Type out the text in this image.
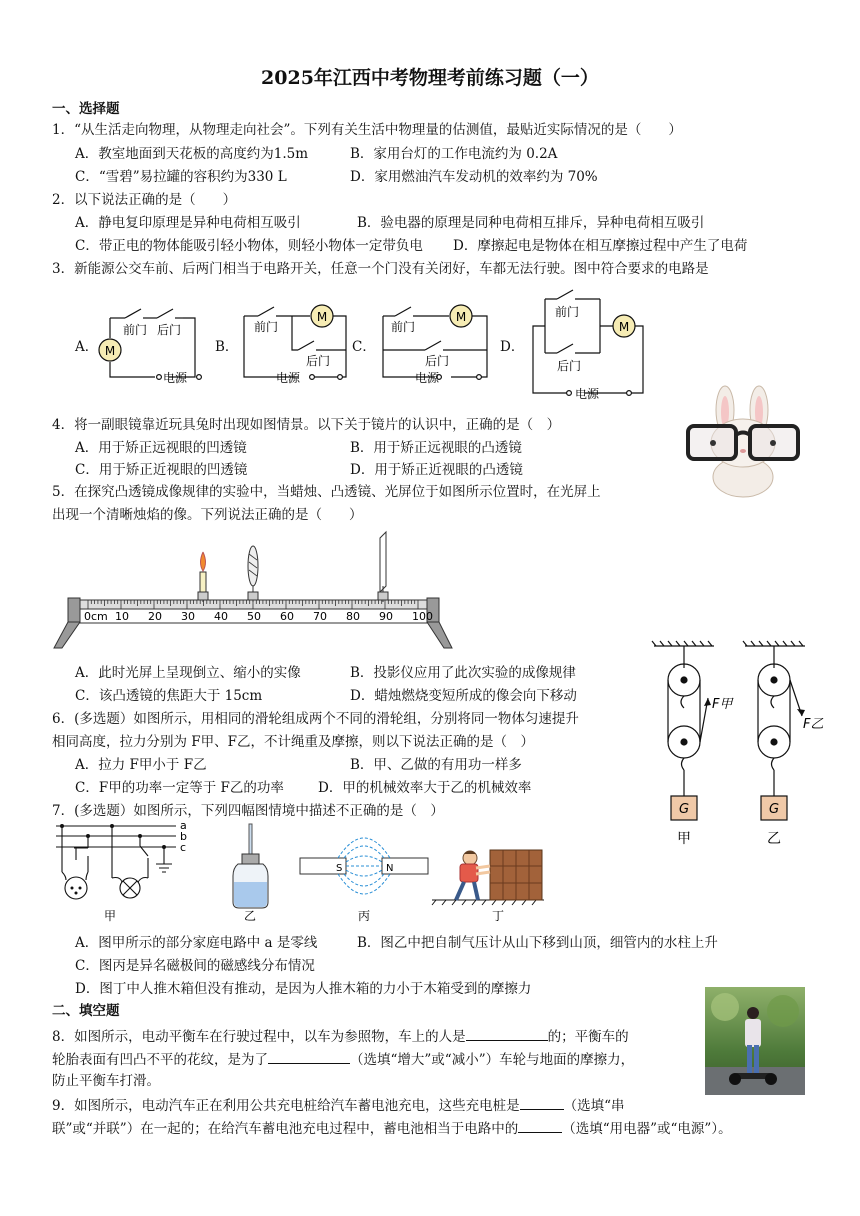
2025年江西中考物理考前练习题（一）
一、选择题
1．“从生活走向物理，从物理走向社会”。下列有关生活中物理量的估测值，最贴近实际情况的是（　　）
A．教室地面到天花板的高度约为1.5m	B．家用台灯的工作电流约为 0.2A
C．“雪碧”易拉罐的容积约为330 L	D．家用燃油汽车发动机的效率约为 70%
2．以下说法正确的是（　　）
A．静电复印原理是异种电荷相互吸引	B．验电器的原理是同种电荷相互排斥，异种电荷相互吸引
C．带正电的物体能吸引轻小物体，则轻小物体一定带负电 D．摩擦起电是物体在相互摩擦过程中产生了电荷
3．新能源公交车前、后两门相当于电路开关，任意一个门没有关闭好，车都无法行驶。图中符合要求的电路是
A．	B．	C．	D．
M
前门 后门
电源
M
前门
后门
电源
M
前门
后门
电源
M
前门
后门
电源
4．将一副眼镜靠近玩具兔时出现如图情景。以下关于镜片的认识中，正确的是（　）
A．用于矫正远视眼的凹透镜	B．用于矫正远视眼的凸透镜
C．用于矫正近视眼的凹透镜	D．用于矫正近视眼的凸透镜
5．在探究凸透镜成像规律的实验中，当蜡烛、凸透镜、光屏位于如图所示位置时，在光屏上
出现一个清晰烛焰的像。下列说法正确的是（　　）
0cm 10 20 30 40 50 60 70 80 90 100
A．此时光屏上呈现倒立、缩小的实像	B．投影仪应用了此次实验的成像规律
C．该凸透镜的焦距大于 15cm	D．蜡烛燃烧变短所成的像会向下移动
6．(多选题）如图所示，用相同的滑轮组成两个不同的滑轮组，分别将同一物体匀速提升
相同高度，拉力分别为 F甲、F乙，不计绳重及摩擦，则以下说法正确的是（　）
A．拉力 F甲小于 F乙	B．甲、乙做的有用功一样多
C．F甲的功率一定等于 F乙的功率	D．甲的机械效率大于乙的机械效率
F甲
F乙
G	G
甲	乙
7．(多选题）如图所示，下列四幅图情境中描述不正确的是（　）
a
b
c
甲	乙
S	N
丙	丁
A．图甲所示的部分家庭电路中 a 是零线	B．图乙中把自制气压计从山下移到山顶，细管内的水柱上升
C．图丙是异名磁极间的磁感线分布情况
D．图丁中人推木箱但没有推动，是因为人推木箱的力小于木箱受到的摩擦力
二、填空题
8．如图所示，电动平衡车在行驶过程中，以车为参照物，车上的人是	的；平衡车的
轮胎表面有凹凸不平的花纹，是为了	（选填“增大”或“减小”）车轮与地面的摩擦力，
防止平衡车打滑。
9．如图所示，电动汽车正在利用公共充电桩给汽车蓄电池充电，这些充电桩是	（选填“串
联”或“并联”）在一起的；在给汽车蓄电池充电过程中，蓄电池相当于电路中的	（选填“用电器”或“电源”）。
